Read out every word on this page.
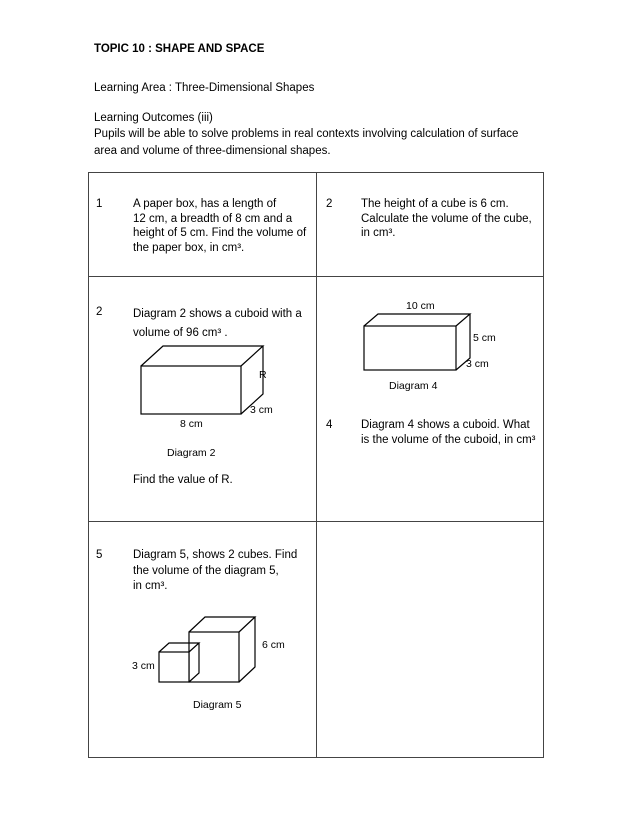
TOPIC 10 : SHAPE AND SPACE
Learning Area : Three-Dimensional Shapes
Learning Outcomes (iii)
Pupils will be able to solve problems in real contexts involving calculation of surface
area and volume of three-dimensional shapes.
1	A paper box, has a length of
12 cm, a breadth of 8 cm and a
height of 5 cm. Find the volume of
the paper box, in cm³.
2 The height of a cube is 6 cm.
Calculate the volume of the cube,
in cm³.
2	Diagram 2 shows a cuboid with a
volume of 96 cm³ .
R
3 cm
8 cm
Diagram 2
Find the value of R.
10 cm
5 cm
3 cm
Diagram 4
4 Diagram 4 shows a cuboid. What
is the volume of the cuboid, in cm³
5	Diagram 5, shows 2 cubes. Find
the volume of the diagram 5,
in cm³.
6 cm
3 cm
Diagram 5
